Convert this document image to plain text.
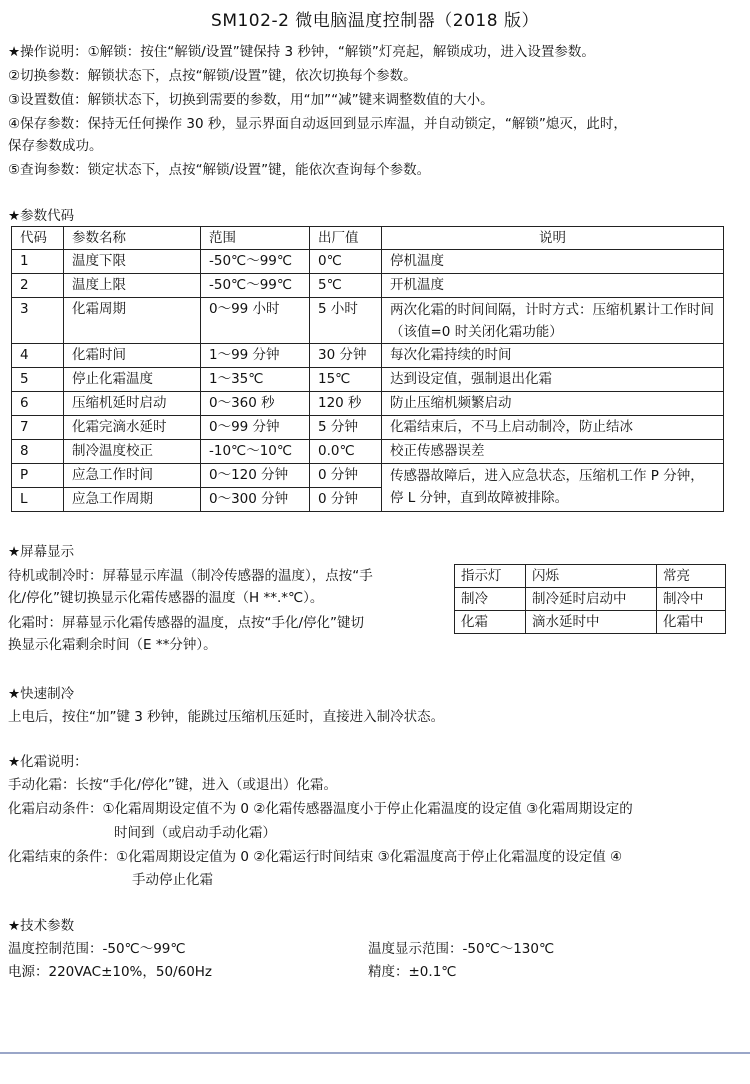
SM102-2 微电脑温度控制器（2018 版）
★操作说明：①解锁：按住“解锁/设置”键保持 3 秒钟，“解锁”灯亮起，解锁成功，进入设置参数。
②切换参数：解锁状态下，点按“解锁/设置”键，依次切换每个参数。
③设置数值：解锁状态下，切换到需要的参数，用“加”“减”键来调整数值的大小。
④保存参数：保持无任何操作 30 秒，显示界面自动返回到显示库温，并自动锁定，“解锁”熄灭，此时，
保存参数成功。
⑤查询参数：锁定状态下，点按“解锁/设置”键，能依次查询每个参数。
★参数代码
代码	参数名称	范围	出厂值	说明
1	温度下限	-50℃～99℃	0℃	停机温度
2	温度上限	-50℃～99℃	5℃	开机温度
3	化霜周期	0～99 小时	5 小时	两次化霜的时间间隔，计时方式：压缩机累计工作时间（该值=0 时关闭化霜功能）
4	化霜时间	1～99 分钟	30 分钟	每次化霜持续的时间
5	停止化霜温度	1～35℃	15℃	达到设定值，强制退出化霜
6	压缩机延时启动	0～360 秒	120 秒	防止压缩机频繁启动
7	化霜完滴水延时	0～99 分钟	5 分钟	化霜结束后，不马上启动制冷，防止结冰
8	制冷温度校正	-10℃～10℃	0.0℃	校正传感器误差
P	应急工作时间	0～120 分钟	0 分钟	传感器故障后，进入应急状态，压缩机工作 P 分钟，停 L 分钟，直到故障被排除。
L	应急工作周期	0～300 分钟	0 分钟	
★屏幕显示
待机或制冷时：屏幕显示库温（制冷传感器的温度），点按“手
化/停化”键切换显示化霜传感器的温度（H **.*℃）。
化霜时：屏幕显示化霜传感器的温度，点按“手化/停化”键切
换显示化霜剩余时间（E **分钟）。
指示灯	闪烁	常亮
制冷	制冷延时启动中	制冷中
化霜	滴水延时中	化霜中
★快速制冷
上电后，按住“加”键 3 秒钟，能跳过压缩机压延时，直接进入制冷状态。
★化霜说明：
手动化霜：长按“手化/停化”键，进入（或退出）化霜。
化霜启动条件：①化霜周期设定值不为 0 ②化霜传感器温度小于停止化霜温度的设定值 ③化霜周期设定的
时间到（或启动手动化霜）
化霜结束的条件：①化霜周期设定值为 0 ②化霜运行时间结束 ③化霜温度高于停止化霜温度的设定值 ④
手动停止化霜
★技术参数
温度控制范围：-50℃～99℃	温度显示范围：-50℃～130℃
电源：220VAC±10%，50/60Hz	精度：±0.1℃
